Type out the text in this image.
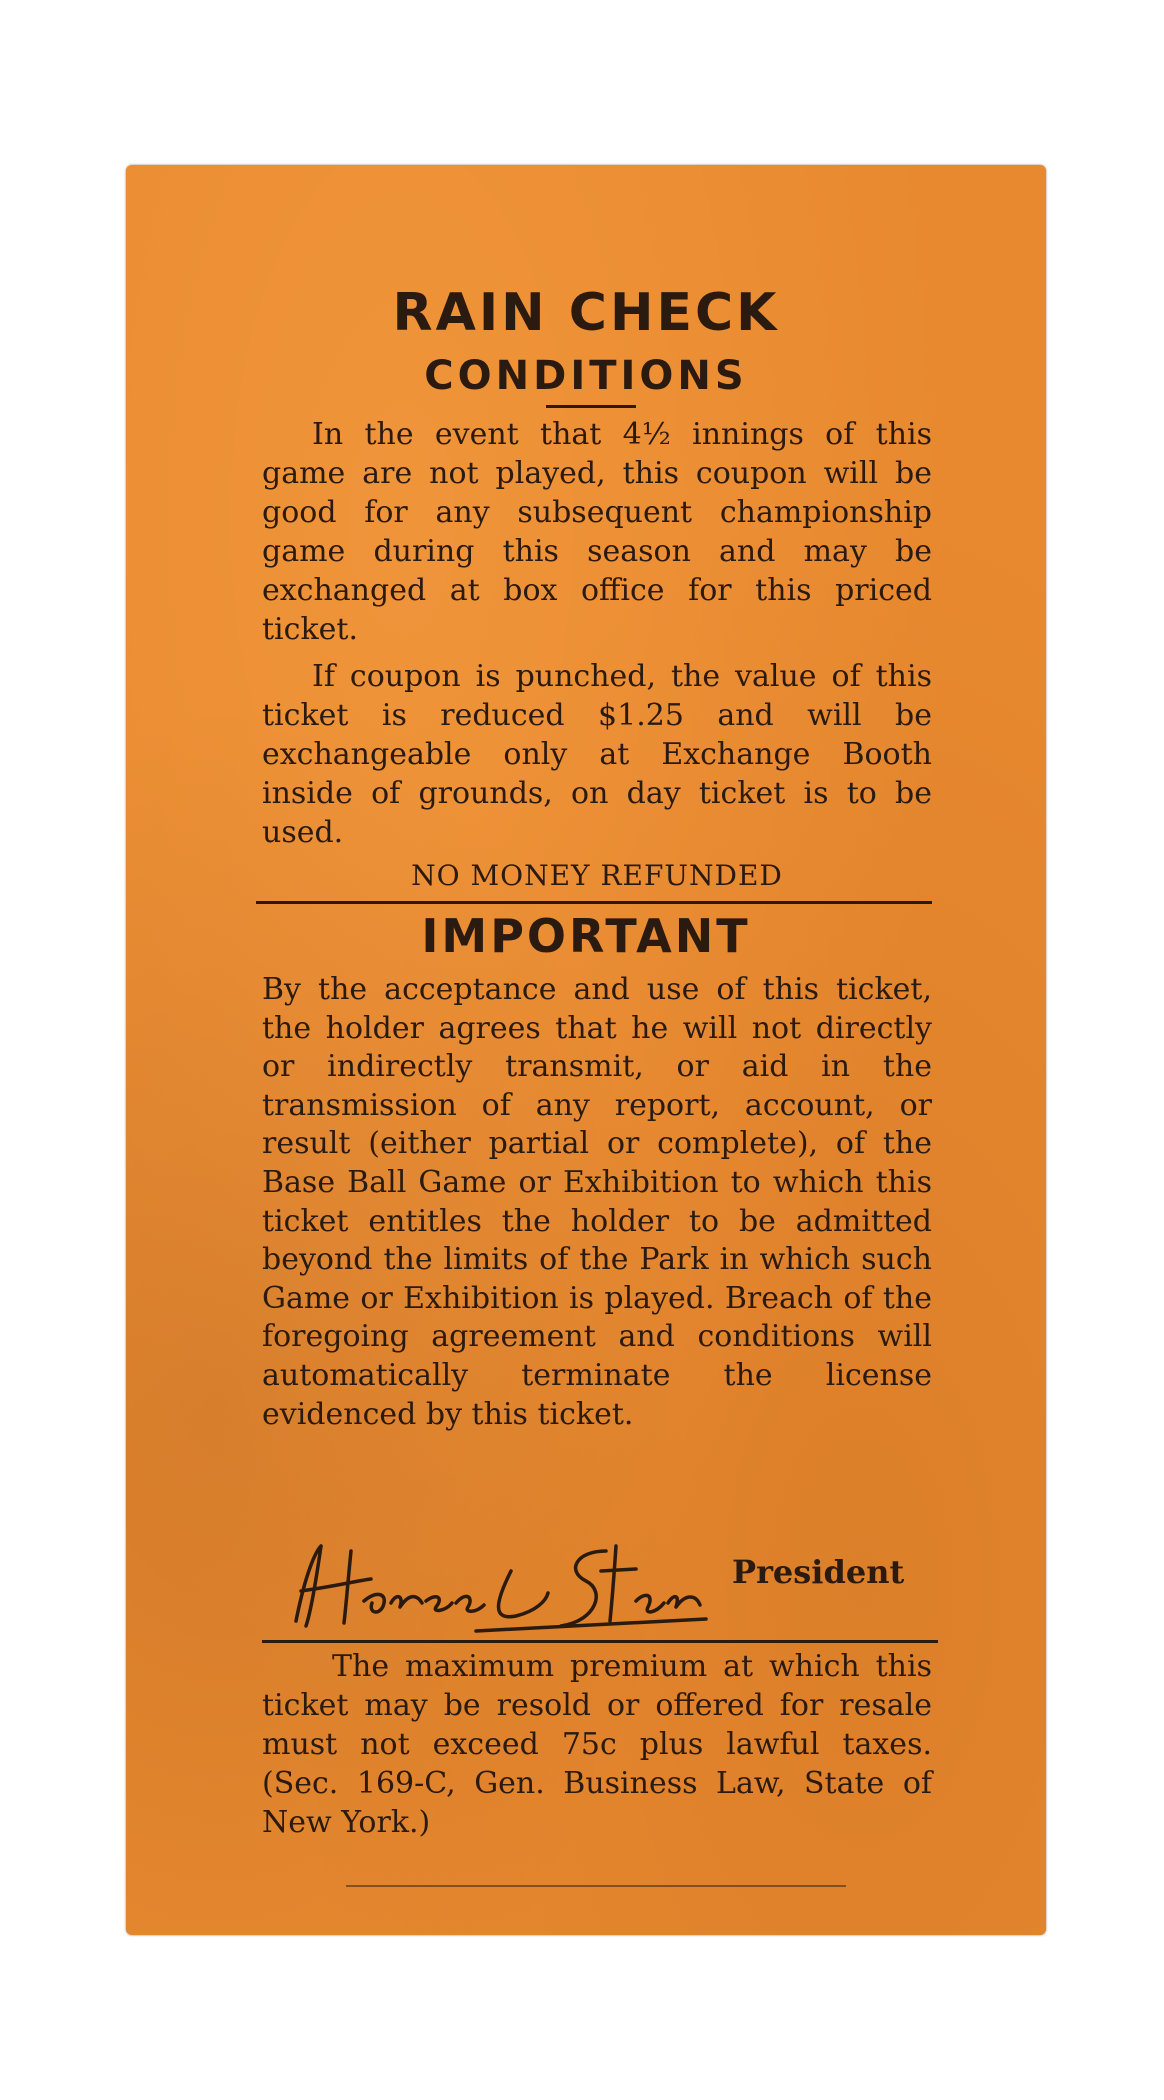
RAIN CHECK
CONDITIONS

In the event that 4½ innings of this game are not played, this coupon will be good for any subsequent championship game during this season and may be exchanged at box office for this priced ticket.

If coupon is punched, the value of this ticket is reduced $1.25 and will be exchangeable only at Exchange Booth inside of grounds, on day ticket is to be used.

NO MONEY REFUNDED
IMPORTANT

By the acceptance and use of this ticket, the holder agrees that he will not directly or indirectly transmit, or aid in the transmission of any report, account, or result (either partial or complete), of the Base Ball Game or Exhibition to which this ticket entitles the holder to be admitted beyond the limits of the Park in which such Game or Exhibition is played. Breach of the foregoing agreement and conditions will automatically terminate the license evidenced by this ticket.

President

The maximum premium at which this ticket may be resold or offered for resale must not exceed 75c plus lawful taxes. (Sec. 169-C, Gen. Business Law, State of New York.)
